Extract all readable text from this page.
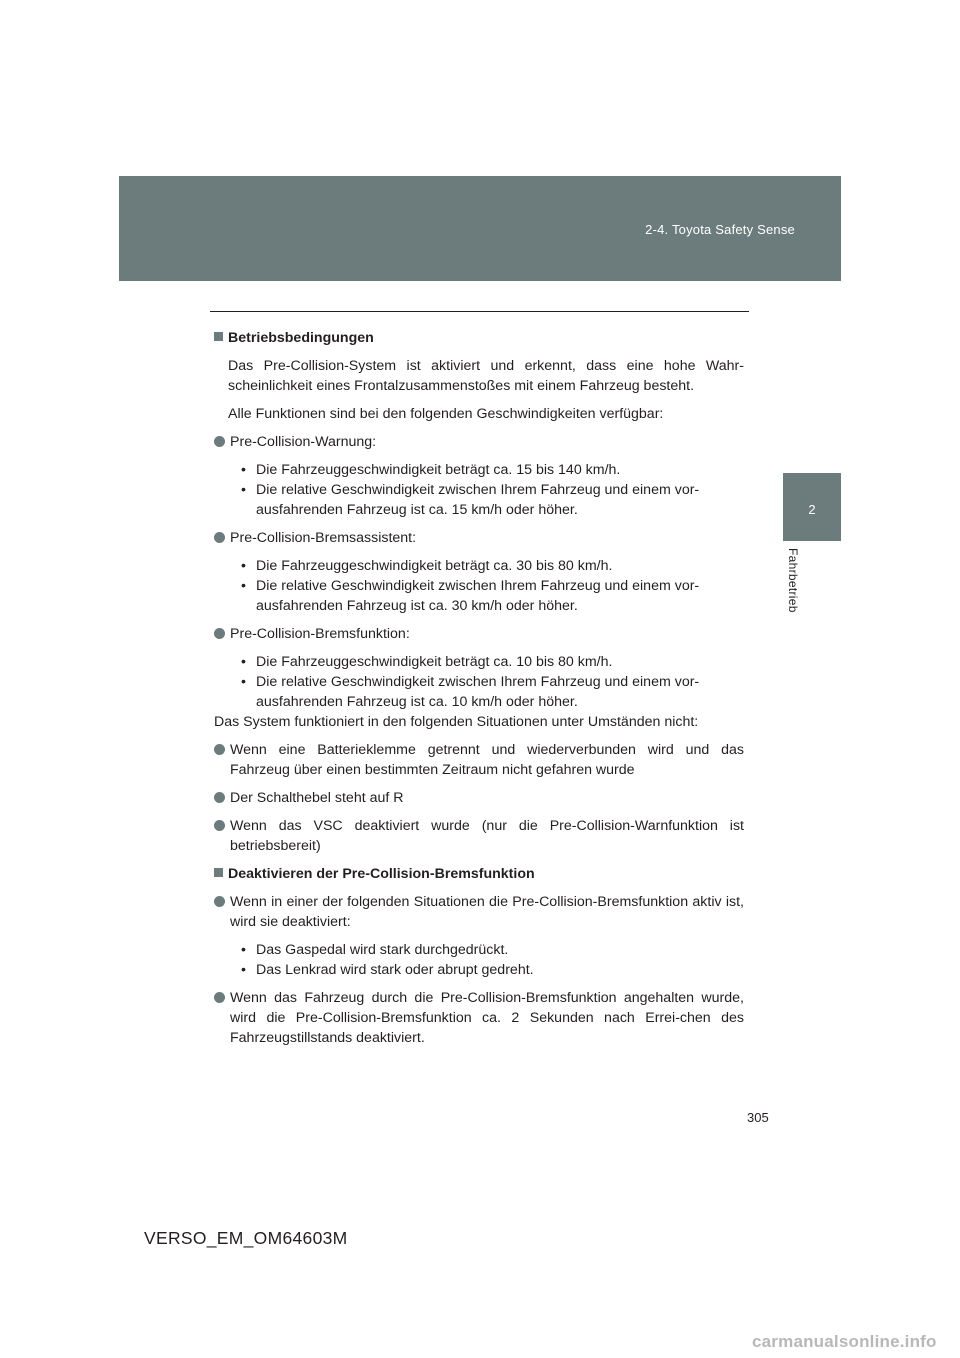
2-4. Toyota Safety Sense
2
Fahrbetrieb

Betriebsbedingungen

Das Pre-Collision-System ist aktiviert und erkennt, dass eine hohe Wahr-scheinlichkeit eines Frontalzusammenstoßes mit einem Fahrzeug besteht.

Alle Funktionen sind bei den folgenden Geschwindigkeiten verfügbar:

Pre-Collision-Warnung:
• Die Fahrzeuggeschwindigkeit beträgt ca. 15 bis 140 km/h.
• Die relative Geschwindigkeit zwischen Ihrem Fahrzeug und einem vor-ausfahrenden Fahrzeug ist ca. 15 km/h oder höher.
Pre-Collision-Bremsassistent:
• Die Fahrzeuggeschwindigkeit beträgt ca. 30 bis 80 km/h.
• Die relative Geschwindigkeit zwischen Ihrem Fahrzeug und einem vor-ausfahrenden Fahrzeug ist ca. 30 km/h oder höher.
Pre-Collision-Bremsfunktion:
• Die Fahrzeuggeschwindigkeit beträgt ca. 10 bis 80 km/h.
• Die relative Geschwindigkeit zwischen Ihrem Fahrzeug und einem vor-ausfahrenden Fahrzeug ist ca. 10 km/h oder höher.

Das System funktioniert in den folgenden Situationen unter Umständen nicht:

Wenn eine Batterieklemme getrennt und wiederverbunden wird und das Fahrzeug über einen bestimmten Zeitraum nicht gefahren wurde
Der Schalthebel steht auf R
Wenn das VSC deaktiviert wurde (nur die Pre-Collision-Warnfunktion ist betriebsbereit)

Deaktivieren der Pre-Collision-Bremsfunktion

Wenn in einer der folgenden Situationen die Pre-Collision-Bremsfunktion aktiv ist, wird sie deaktiviert:
• Das Gaspedal wird stark durchgedrückt.
• Das Lenkrad wird stark oder abrupt gedreht.
Wenn das Fahrzeug durch die Pre-Collision-Bremsfunktion angehalten wurde, wird die Pre-Collision-Bremsfunktion ca. 2 Sekunden nach Errei-chen des Fahrzeugstillstands deaktiviert.
305
VERSO_EM_OM64603M
carmanualsonline.info
